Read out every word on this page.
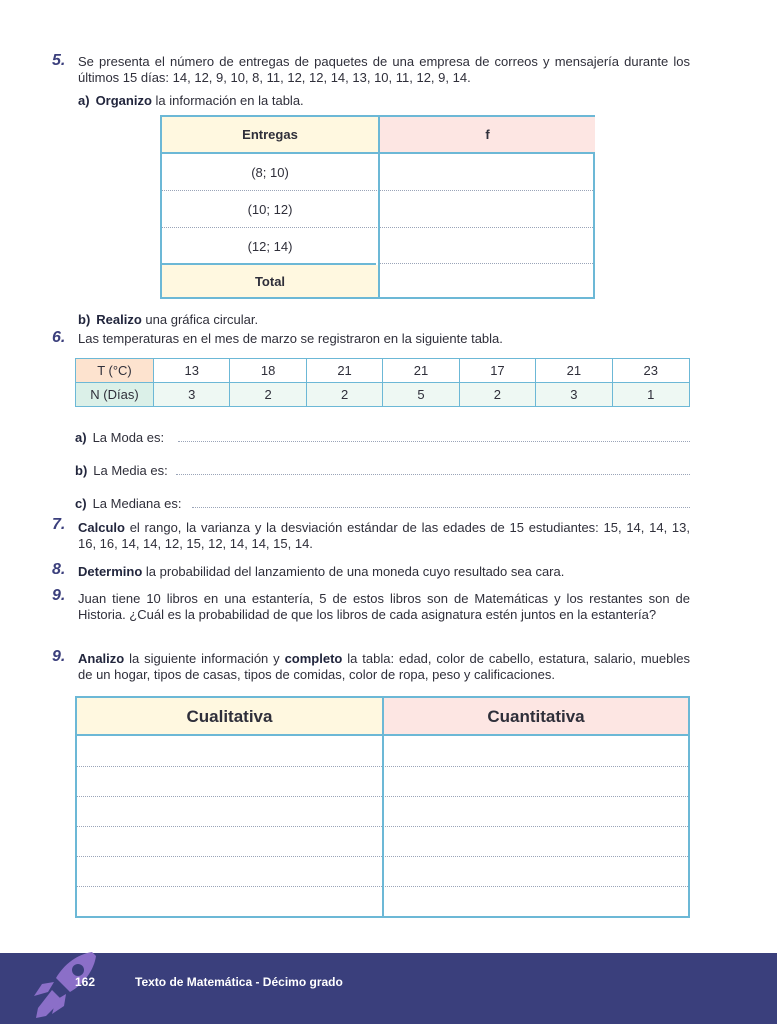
5. Se presenta el número de entregas de paquetes de una empresa de correos y mensajería durante los últimos 15 días: 14, 12, 9, 10, 8, 11, 12, 12, 14, 13, 10, 11, 12, 9, 14.
a) Organizo la información en la tabla.
Entregas	f
(8; 10)
(10; 12)
(12; 14)
Total
b) Realizo una gráfica circular.
6. Las temperaturas en el mes de marzo se registraron en la siguiente tabla.
T (°C)	13	18	21	21	17	21	23
N (Días)	3	2	2	5	2	3	1
a) La Moda es:
b) La Media es:
c) La Mediana es:
7. Calculo el rango, la varianza y la desviación estándar de las edades de 15 estudiantes: 15, 14, 14, 13, 16, 16, 14, 14, 12, 15, 12, 14, 14, 15, 14.
8. Determino la probabilidad del lanzamiento de una moneda cuyo resultado sea cara.
9. Juan tiene 10 libros en una estantería, 5 de estos libros son de Matemáticas y los restantes son de Historia. ¿Cuál es la probabilidad de que los libros de cada asignatura estén juntos en la estantería?
9. Analizo la siguiente información y completo la tabla: edad, color de cabello, estatura, salario, muebles de un hogar, tipos de casas, tipos de comidas, color de ropa, peso y calificaciones.
Cualitativa	Cuantitativa
162	Texto de Matemática - Décimo grado
